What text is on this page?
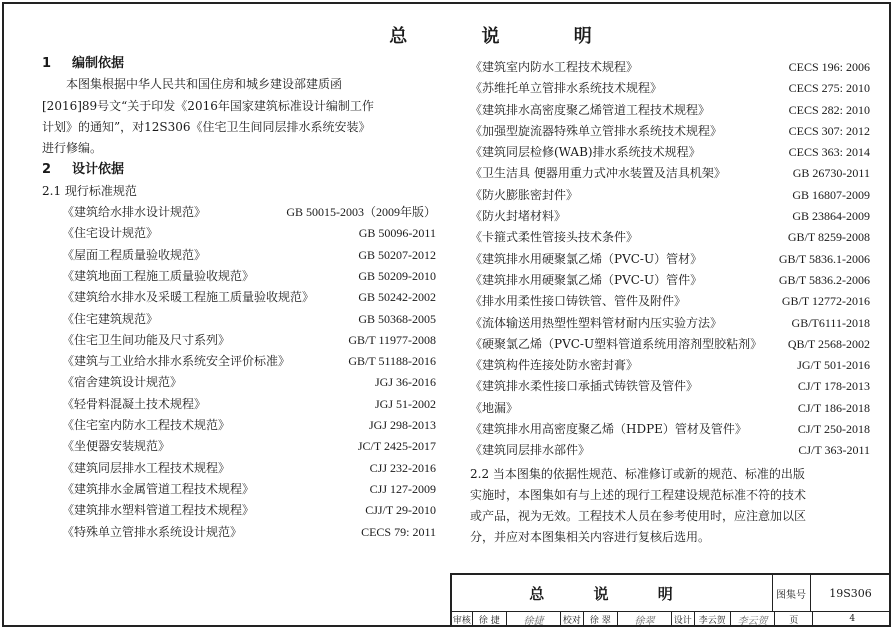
总 说 明
1 编制依据
本图集根据中华人民共和国住房和城乡建设部建质函
[2016]89号文“关于印发《2016年国家建筑标准设计编制工作
计划》的通知”，对12S306《住宅卫生间同层排水系统安装》
进行修编。
2 设计依据
2.1 现行标准规范
《建筑给水排水设计规范》	GB 50015-2003（2009年版）
《住宅设计规范》	GB 50096-2011
《屋面工程质量验收规范》	GB 50207-2012
《建筑地面工程施工质量验收规范》	GB 50209-2010
《建筑给水排水及采暖工程施工质量验收规范》	GB 50242-2002
《住宅建筑规范》	GB 50368-2005
《住宅卫生间功能及尺寸系列》	GB/T 11977-2008
《建筑与工业给水排水系统安全评价标准》	GB/T 51188-2016
《宿舍建筑设计规范》	JGJ 36-2016
《轻骨料混凝土技术规程》	JGJ 51-2002
《住宅室内防水工程技术规范》	JGJ 298-2013
《坐便器安装规范》	JC/T 2425-2017
《建筑同层排水工程技术规程》	CJJ 232-2016
《建筑排水金属管道工程技术规程》	CJJ 127-2009
《建筑排水塑料管道工程技术规程》	CJJ/T 29-2010
《特殊单立管排水系统设计规范》	CECS 79: 2011
《建筑室内防水工程技术规程》	CECS 196: 2006
《苏维托单立管排水系统技术规程》	CECS 275: 2010
《建筑排水高密度聚乙烯管道工程技术规程》	CECS 282: 2010
《加强型旋流器特殊单立管排水系统技术规程》	CECS 307: 2012
《建筑同层检修(WAB)排水系统技术规程》	CECS 363: 2014
《卫生洁具 便器用重力式冲水装置及洁具机架》	GB 26730-2011
《防火膨胀密封件》	GB 16807-2009
《防火封堵材料》	GB 23864-2009
《卡箍式柔性管接头技术条件》	GB/T 8259-2008
《建筑排水用硬聚氯乙烯（PVC-U）管材》	GB/T 5836.1-2006
《建筑排水用硬聚氯乙烯（PVC-U）管件》	GB/T 5836.2-2006
《排水用柔性接口铸铁管、管件及附件》	GB/T 12772-2016
《流体输送用热塑性塑料管材耐内压实验方法》	GB/T6111-2018
《硬聚氯乙烯（PVC-U塑料管道系统用溶剂型胶粘剂》 QB/T 2568-2002
《建筑构件连接处防水密封膏》	JG/T 501-2016
《建筑排水柔性接口承插式铸铁管及管件》	CJ/T 178-2013
《地漏》	CJ/T 186-2018
《建筑排水用高密度聚乙烯（HDPE）管材及管件》	CJ/T 250-2018
《建筑同层排水部件》	CJ/T 363-2011
2.2 当本图集的依据性规范、标准修订或新的规范、标准的出版
实施时，本图集如有与上述的现行工程建设规范标准不符的技术
或产品，视为无效。工程技术人员在参考使用时，应注意加以区
分，并应对本图集相关内容进行复核后选用。
总 说 明	图集号	19S306
审核 徐 捷	徐捷	校对	徐 翠	徐翠	设计 李云贺	李云贺	页	4
